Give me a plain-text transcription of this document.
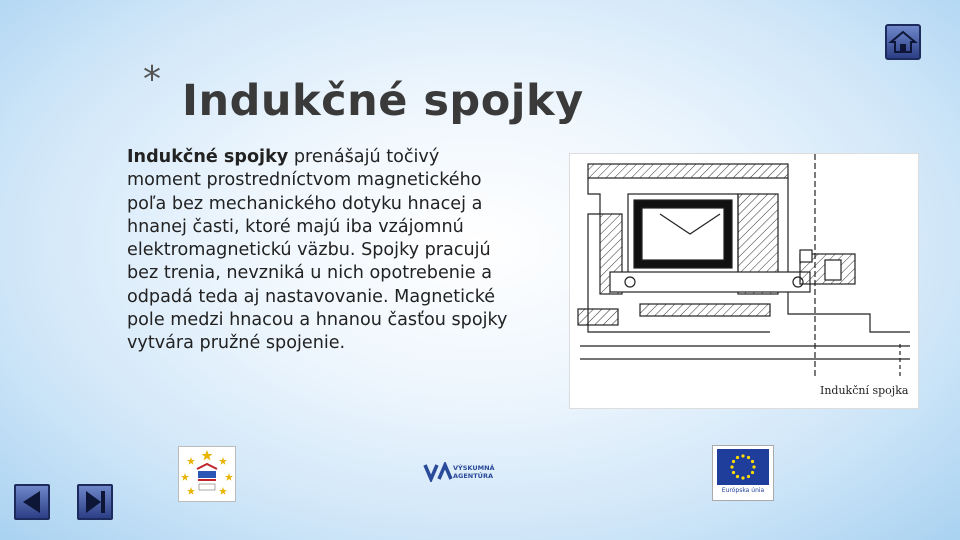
* Indukčné spojky
Indukčné spojky prenášajú točivý moment prostredníctvom magnetického poľa bez mechanického dotyku hnacej a hnanej časti, ktoré majú iba vzájomnú elektromagnetickú väzbu. Spojky pracujú bez trenia, nevzniká u nich opotrebenie a odpadá teda aj nastavovanie. Magnetické pole medzi hnacou a hnanou časťou spojky vytvára pružné spojenie.
Indukční spojka
VÝSKUMNÁ
AGENTÚRA
Európska únia
